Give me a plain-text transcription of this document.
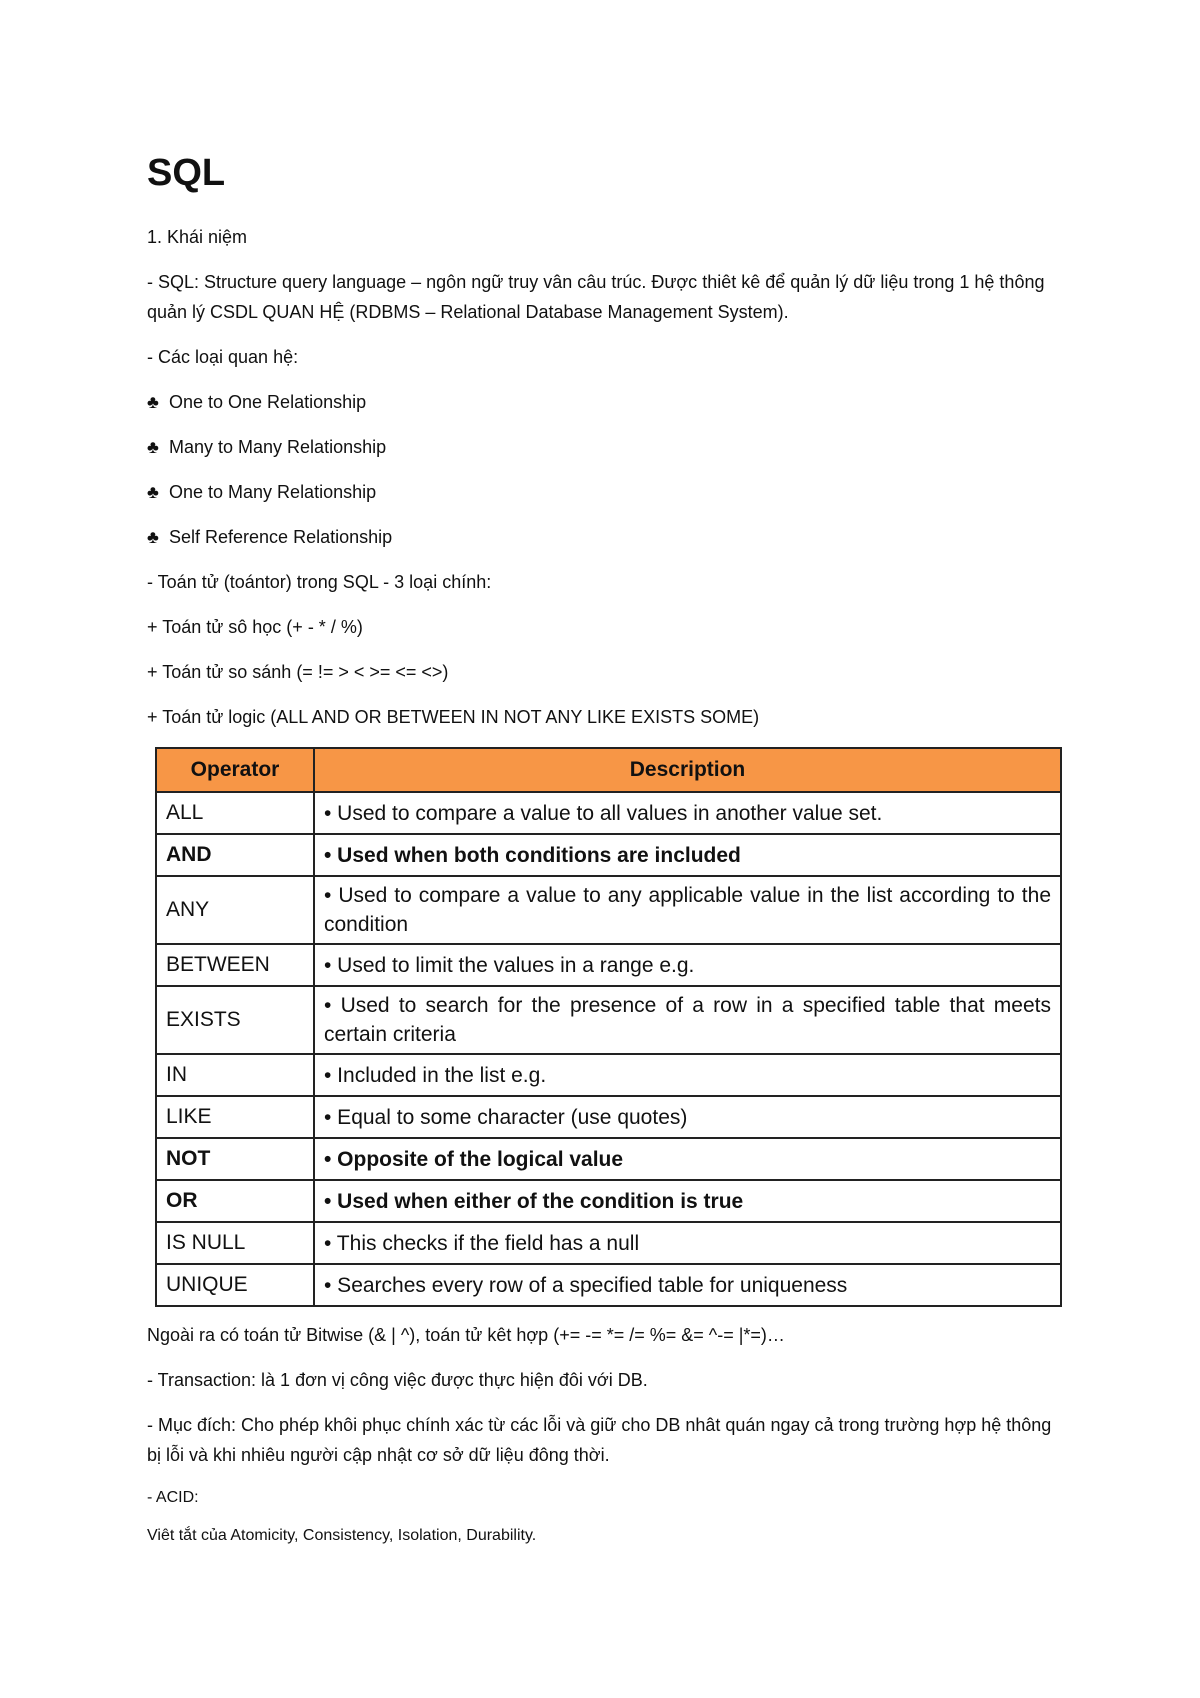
SQL
1. Khái niệm
- SQL: Structure query language – ngôn ngữ truy vân câu trúc. Được thiêt kê để quản lý dữ liệu trong 1 hệ thông quản lý CSDL QUAN HỆ (RDBMS – Relational Database Management System).
- Các loại quan hệ:
♣ One to One Relationship
♣ Many to Many Relationship
♣ One to Many Relationship
♣ Self Reference Relationship
- Toán tử (toántor) trong SQL - 3 loại chính:
+ Toán tử sô học (+ - * / %)
+ Toán tử so sánh (= != > < >= <= <>)
+ Toán tử logic (ALL AND OR BETWEEN IN NOT ANY LIKE EXISTS SOME)
Operator	Description
ALL	• Used to compare a value to all values in another value set.
AND	• Used when both conditions are included
ANY	• Used to compare a value to any applicable value in the list according to the condition
BETWEEN	• Used to limit the values in a range e.g.
EXISTS	• Used to search for the presence of a row in a specified table that meets certain criteria
IN	• Included in the list e.g.
LIKE	• Equal to some character (use quotes)
NOT	• Opposite of the logical value
OR	• Used when either of the condition is true
IS NULL	• This checks if the field has a null
UNIQUE	• Searches every row of a specified table for uniqueness
Ngoài ra có toán tử Bitwise (& | ^), toán tử kêt hợp (+= -= *= /= %= &= ^-= |*=)…
- Transaction: là 1 đơn vị công việc được thực hiện đôi với DB.
- Mục đích: Cho phép khôi phục chính xác từ các lỗi và giữ cho DB nhât quán ngay cả trong trường hợp hệ thông bị lỗi và khi nhiêu người cập nhật cơ sở dữ liệu đông thời.
- ACID:
Viêt tắt của Atomicity, Consistency, Isolation, Durability.
